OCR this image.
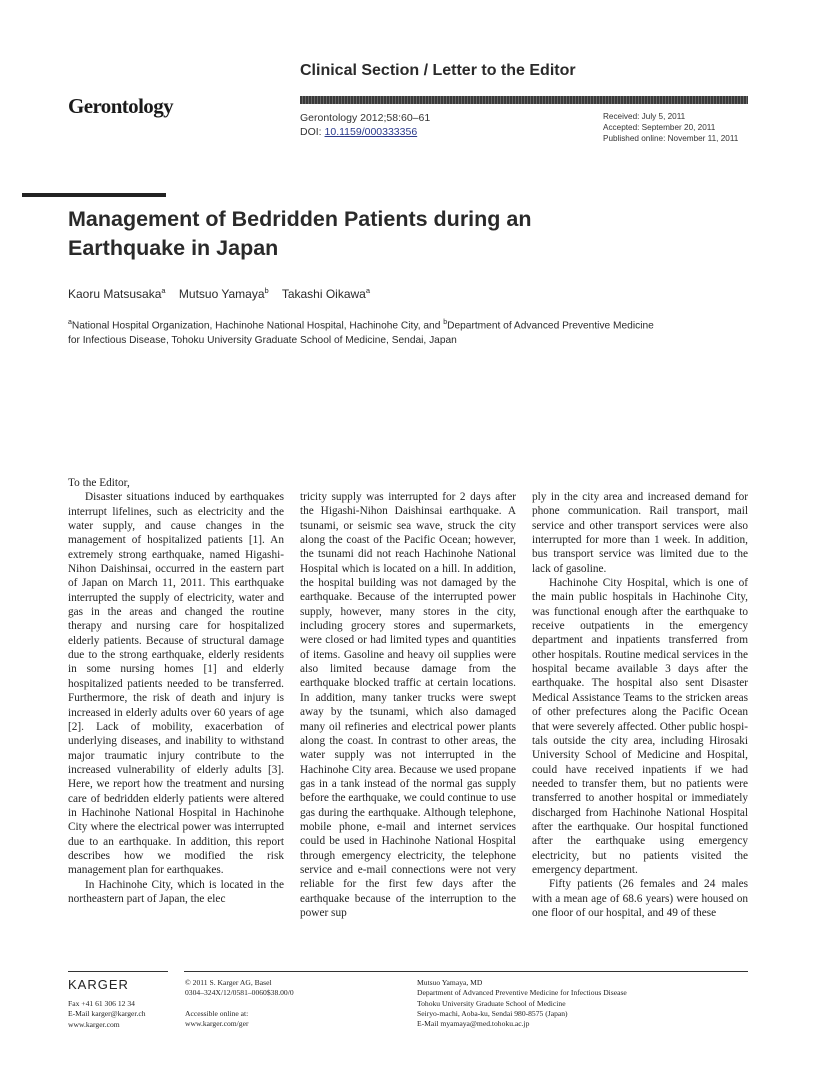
Clinical Section / Letter to the Editor
Gerontology	Gerontology 2012;58:60–61
DOI: 10.1159/000333356
Received: July 5, 2011
Accepted: September 20, 2011
Published online: November 11, 2011
Management of Bedridden Patients during an Earthquake in Japan
Kaoru Matsusaka$^a$ Mutsuo Yamaya$^b$ Takashi Oikawa$^a$
$^a$National Hospital Organization, Hachinohe National Hospital, Hachinohe City, and $^b$Department of Advanced Preventive Medicine for Infectious Disease, Tohoku University Graduate School of Medicine, Sendai, Japan

To the Editor,

Disaster situations induced by earthquakes interrupt lifelines, such as electricity and the water supply, and cause changes in the management of hospitalized patients [1]. An extremely strong earthquake, named Higashi-Nihon Daishinsai, occurred in the eastern part of Japan on March 11, 2011. This earthquake interrupted the supply of electricity, water and gas in the areas and changed the routine therapy and nursing care for hospitalized elderly patients. Because of structural damage due to the strong earthquake, elderly residents in some nursing homes [1] and elderly hospitalized patients needed to be transferred. Furthermore, the risk of death and injury is increased in elderly adults over 60 years of age [2]. Lack of mobility, exacerbation of underlying diseases, and inability to withstand major traumatic injury contribute to the increased vulnerability of elderly adults [3]. Here, we report how the treatment and nursing care of bedridden elderly patients were altered in Hachinohe National Hospital in Hachinohe City where the electrical power was interrupted due to an earthquake. In addition, this report describes how we modified the risk management plan for earthquakes.

In Hachinohe City, which is located in the northeastern part of Japan, the elec

tricity supply was interrupted for 2 days after the Higashi-Nihon Daishinsai earthquake. A tsunami, or seismic sea wave, struck the city along the coast of the Pacific Ocean; however, the tsunami did not reach Hachinohe National Hospital which is located on a hill. In addition, the hospital building was not damaged by the earthquake. Because of the interrupted power supply, however, many stores in the city, including grocery stores and supermarkets, were closed or had limited types and quantities of items. Gasoline and heavy oil supplies were also limited because damage from the earthquake blocked traffic at certain locations. In addition, many tanker trucks were swept away by the tsunami, which also damaged many oil refineries and electrical power plants along the coast. In contrast to other areas, the water supply was not interrupted in the Hachinohe City area. Because we used propane gas in a tank instead of the normal gas supply before the earthquake, we could continue to use gas during the earthquake. Although telephone, mobile phone, e-mail and internet services could be used in Hachinohe National Hospital through emergency electricity, the telephone service and e-mail connections were not very reliable for the first few days after the earthquake because of the interruption to the power sup

ply in the city area and increased demand for phone communication. Rail transport, mail service and other transport services were also interrupted for more than 1 week. In addition, bus transport service was limited due to the lack of gasoline.

Hachinohe City Hospital, which is one of the main public hospitals in Hachinohe City, was functional enough after the earthquake to receive outpatients in the emergency department and inpatients transferred from other hospitals. Routine medical services in the hospital became available 3 days after the earthquake. The hospital also sent Disaster Medical Assistance Teams to the stricken areas of other prefectures along the Pacific Ocean that were severely affected. Other public hospitals outside the city area, including Hirosaki University School of Medicine and Hospital, could have received inpatients if we had needed to transfer them, but no patients were transferred to another hospital or immediately discharged from Hachinohe National Hospital after the earthquake. Our hospital functioned after the earthquake using emergency electricity, but no patients visited the emergency department.

Fifty patients (26 females and 24 males with a mean age of 68.6 years) were housed on one floor of our hospital, and 49 of these

KARGER
Fax +41 61 306 12 34
E-Mail karger@karger.ch
www.karger.com
© 2011 S. Karger AG, Basel
0304–324X/12/0581–0060$38.00/0
Accessible online at:
www.karger.com/ger
Mutsuo Yamaya, MD
Department of Advanced Preventive Medicine for Infectious Disease
Tohoku University Graduate School of Medicine
Seiryo-machi, Aoba-ku, Sendai 980-8575 (Japan)
E-Mail myamaya@med.tohoku.ac.jp
